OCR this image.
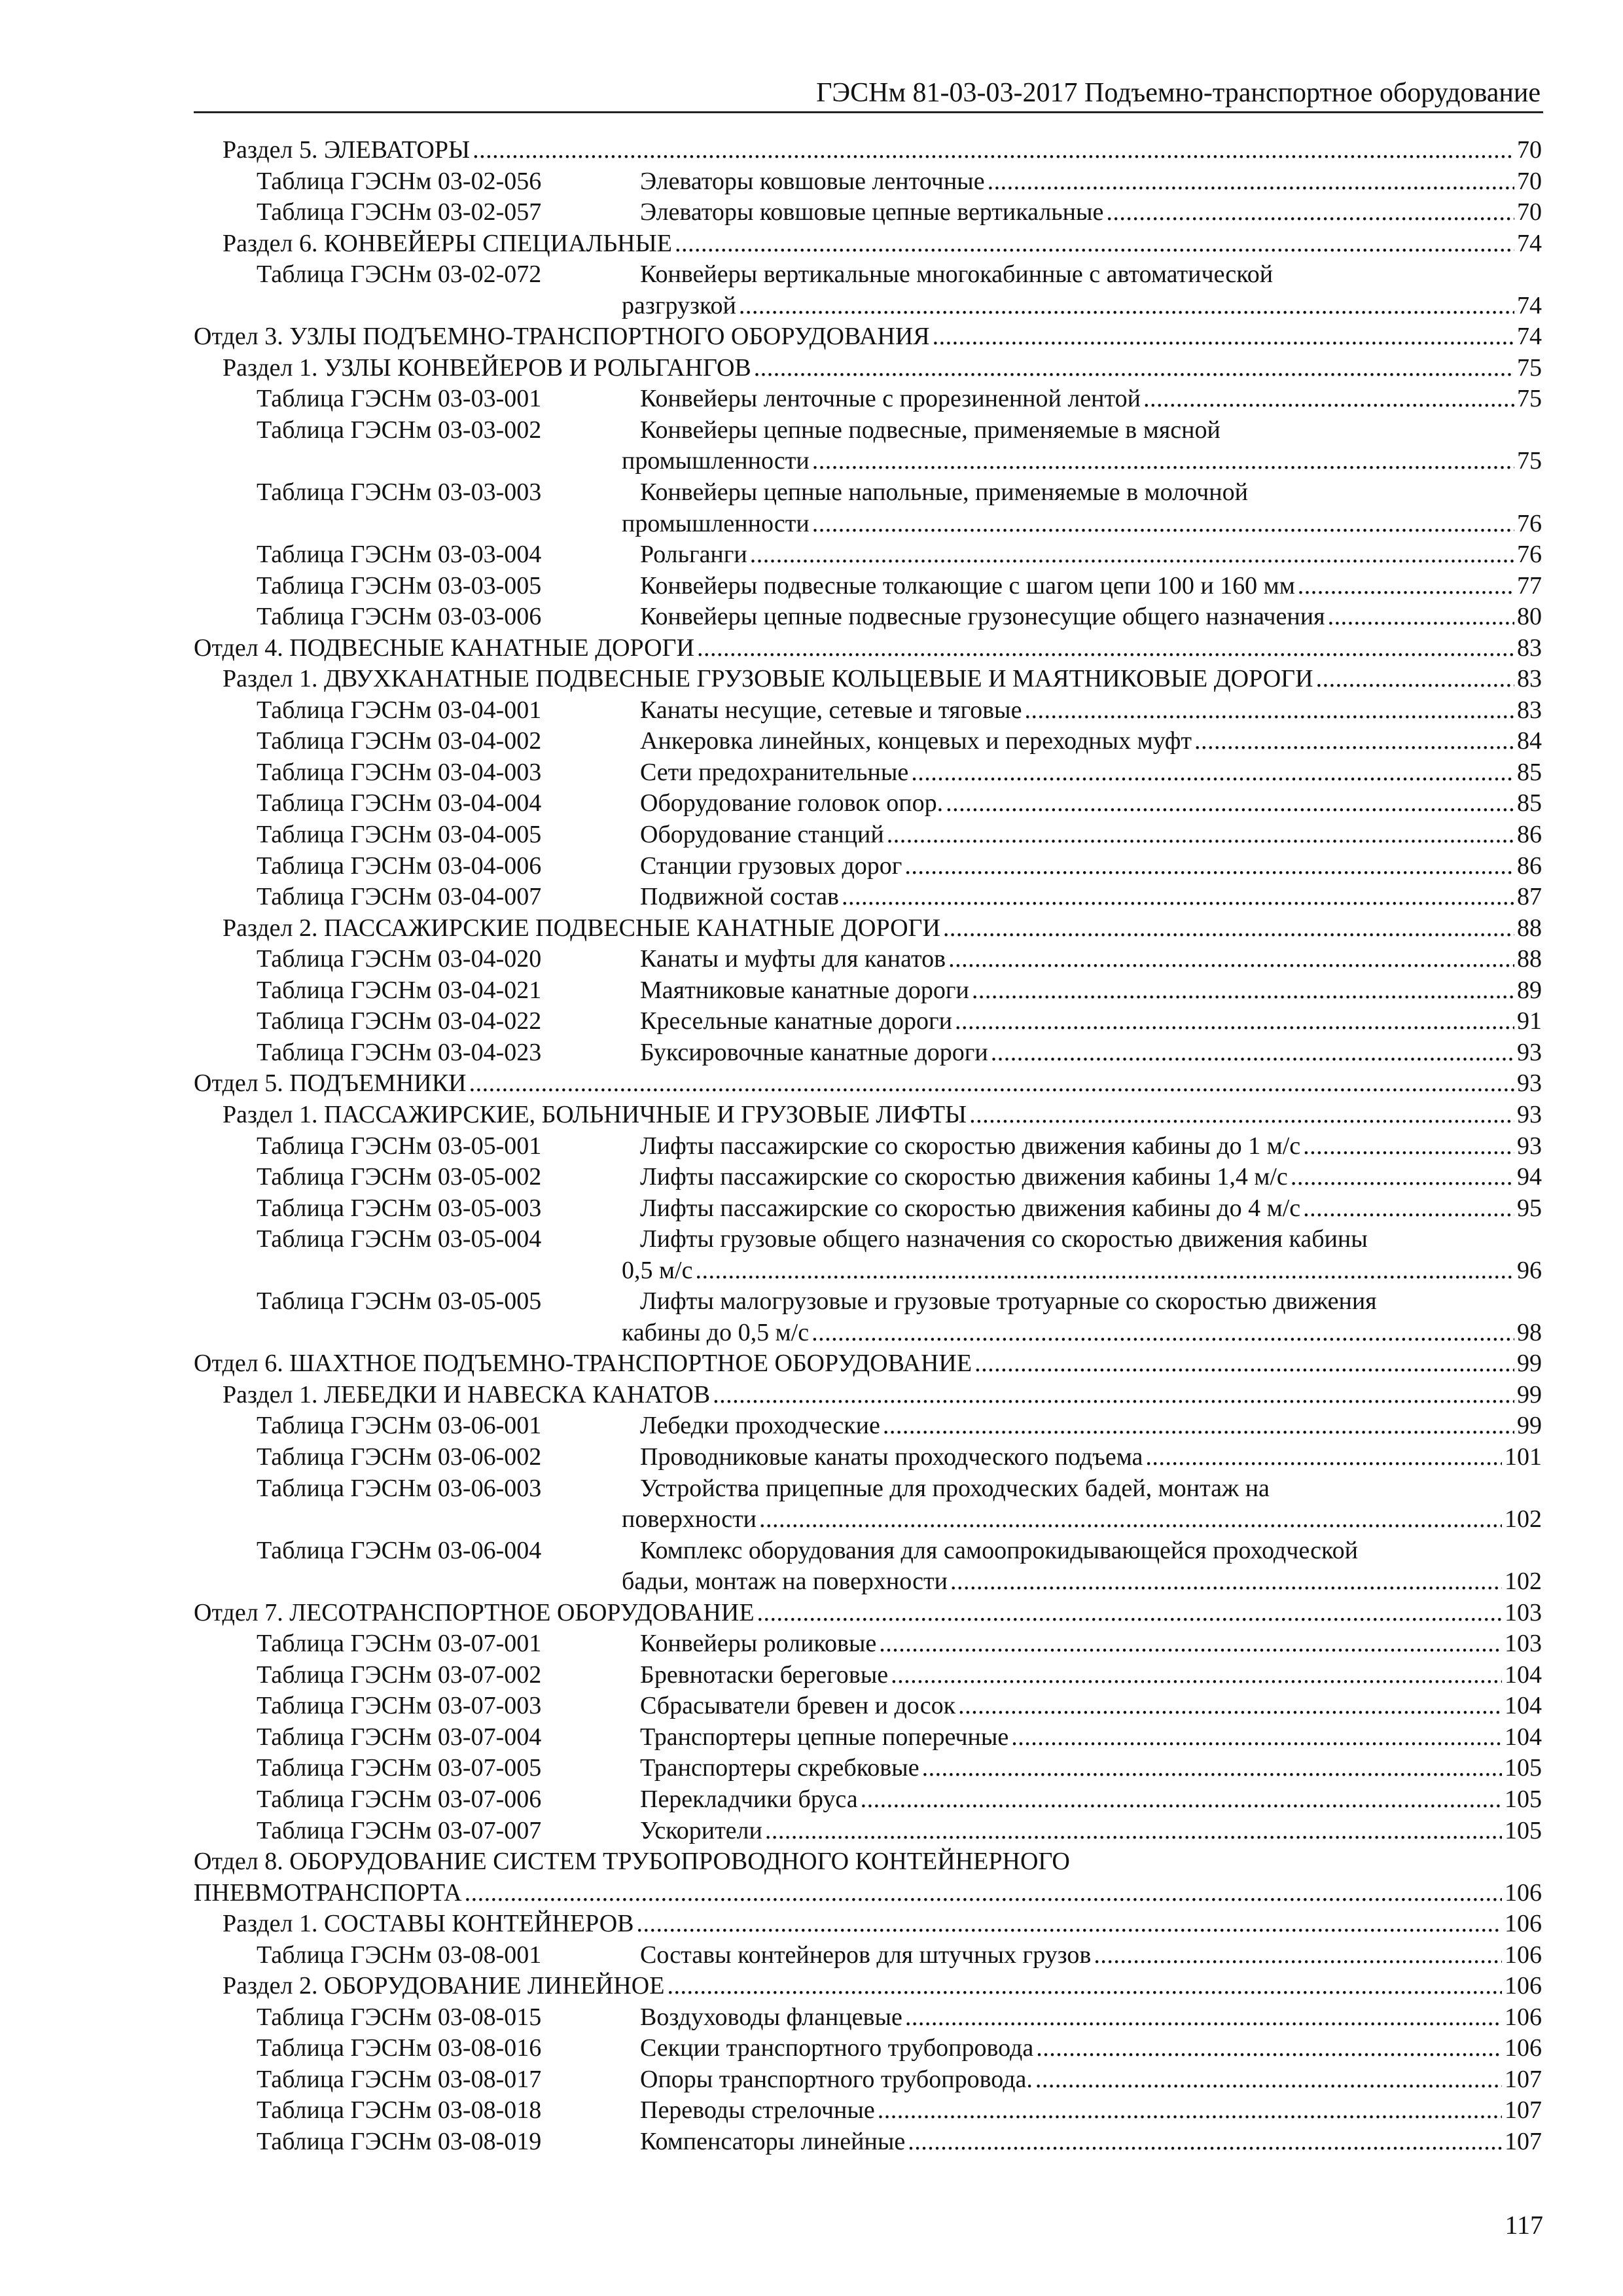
ГЭСНм 81-03-03-2017 Подъемно-транспортное оборудование
Раздел 5. ЭЛЕВАТОРЫ .....	70
Таблица ГЭСНм 03-02-056	Элеваторы ковшовые ленточные .....	70
Таблица ГЭСНм 03-02-057	Элеваторы ковшовые цепные вертикальные .....	70
Раздел 6. КОНВЕЙЕРЫ СПЕЦИАЛЬНЫЕ .....	74
Таблица ГЭСНм 03-02-072	Конвейеры вертикальные многокабинные с автоматической
разгрузкой .....	74
Отдел 3. УЗЛЫ ПОДЪЕМНО-ТРАНСПОРТНОГО ОБОРУДОВАНИЯ .....	74
Раздел 1. УЗЛЫ КОНВЕЙЕРОВ И РОЛЬГАНГОВ .....	75
Таблица ГЭСНм 03-03-001	Конвейеры ленточные с прорезиненной лентой .....	75
Таблица ГЭСНм 03-03-002	Конвейеры цепные подвесные, применяемые в мясной
промышленности .....	75
Таблица ГЭСНм 03-03-003	Конвейеры цепные напольные, применяемые в молочной
промышленности .....	76
Таблица ГЭСНм 03-03-004	Рольганги .....	76
Таблица ГЭСНм 03-03-005	Конвейеры подвесные толкающие с шагом цепи 100 и 160 мм .....	77
Таблица ГЭСНм 03-03-006	Конвейеры цепные подвесные грузонесущие общего назначения .....	80
Отдел 4. ПОДВЕСНЫЕ КАНАТНЫЕ ДОРОГИ .....	83
Раздел 1. ДВУХКАНАТНЫЕ ПОДВЕСНЫЕ ГРУЗОВЫЕ КОЛЬЦЕВЫЕ И МАЯТНИКОВЫЕ ДОРОГИ .....	83
Таблица ГЭСНм 03-04-001	Канаты несущие, сетевые и тяговые .....	83
Таблица ГЭСНм 03-04-002	Анкеровка линейных, концевых и переходных муфт .....	84
Таблица ГЭСНм 03-04-003	Сети предохранительные .....	85
Таблица ГЭСНм 03-04-004	Оборудование головок опор. .....	85
Таблица ГЭСНм 03-04-005	Оборудование станций .....	86
Таблица ГЭСНм 03-04-006	Станции грузовых дорог .....	86
Таблица ГЭСНм 03-04-007	Подвижной состав .....	87
Раздел 2. ПАССАЖИРСКИЕ ПОДВЕСНЫЕ КАНАТНЫЕ ДОРОГИ .....	88
Таблица ГЭСНм 03-04-020	Канаты и муфты для канатов .....	88
Таблица ГЭСНм 03-04-021	Маятниковые канатные дороги .....	89
Таблица ГЭСНм 03-04-022	Кресельные канатные дороги .....	91
Таблица ГЭСНм 03-04-023	Буксировочные канатные дороги .....	93
Отдел 5. ПОДЪЕМНИКИ .....	93
Раздел 1. ПАССАЖИРСКИЕ, БОЛЬНИЧНЫЕ И ГРУЗОВЫЕ ЛИФТЫ .....	93
Таблица ГЭСНм 03-05-001	Лифты пассажирские со скоростью движения кабины до 1 м/с .....	93
Таблица ГЭСНм 03-05-002	Лифты пассажирские со скоростью движения кабины 1,4 м/с .....	94
Таблица ГЭСНм 03-05-003	Лифты пассажирские со скоростью движения кабины до 4 м/с .....	95
Таблица ГЭСНм 03-05-004	Лифты грузовые общего назначения со скоростью движения кабины
0,5 м/с .....	96
Таблица ГЭСНм 03-05-005	Лифты малогрузовые и грузовые тротуарные со скоростью движения
кабины до 0,5 м/с .....	98
Отдел 6. ШАХТНОЕ ПОДЪЕМНО-ТРАНСПОРТНОЕ ОБОРУДОВАНИЕ .....	99
Раздел 1. ЛЕБЕДКИ И НАВЕСКА КАНАТОВ .....	99
Таблица ГЭСНм 03-06-001	Лебедки проходческие .....	99
Таблица ГЭСНм 03-06-002	Проводниковые канаты проходческого подъема .....	101
Таблица ГЭСНм 03-06-003	Устройства прицепные для проходческих бадей, монтаж на
поверхности .....	102
Таблица ГЭСНм 03-06-004	Комплекс оборудования для самоопрокидывающейся проходческой
бадьи, монтаж на поверхности .....	102
Отдел 7. ЛЕСОТРАНСПОРТНОЕ ОБОРУДОВАНИЕ .....	103
Таблица ГЭСНм 03-07-001	Конвейеры роликовые .....	103
Таблица ГЭСНм 03-07-002	Бревнотаски береговые .....	104
Таблица ГЭСНм 03-07-003	Сбрасыватели бревен и досок .....	104
Таблица ГЭСНм 03-07-004	Транспортеры цепные поперечные .....	104
Таблица ГЭСНм 03-07-005	Транспортеры скребковые .....	105
Таблица ГЭСНм 03-07-006	Перекладчики бруса .....	105
Таблица ГЭСНм 03-07-007	Ускорители .....	105
Отдел 8. ОБОРУДОВАНИЕ СИСТЕМ ТРУБОПРОВОДНОГО КОНТЕЙНЕРНОГО
ПНЕВМОТРАНСПОРТА .....	106
Раздел 1. СОСТАВЫ КОНТЕЙНЕРОВ .....	106
Таблица ГЭСНм 03-08-001	Составы контейнеров для штучных грузов .....	106
Раздел 2. ОБОРУДОВАНИЕ ЛИНЕЙНОЕ .....	106
Таблица ГЭСНм 03-08-015	Воздуховоды фланцевые .....	106
Таблица ГЭСНм 03-08-016	Секции транспортного трубопровода .....	106
Таблица ГЭСНм 03-08-017	Опоры транспортного трубопровода. .....	107
Таблица ГЭСНм 03-08-018	Переводы стрелочные .....	107
Таблица ГЭСНм 03-08-019	Компенсаторы линейные .....	107
117
